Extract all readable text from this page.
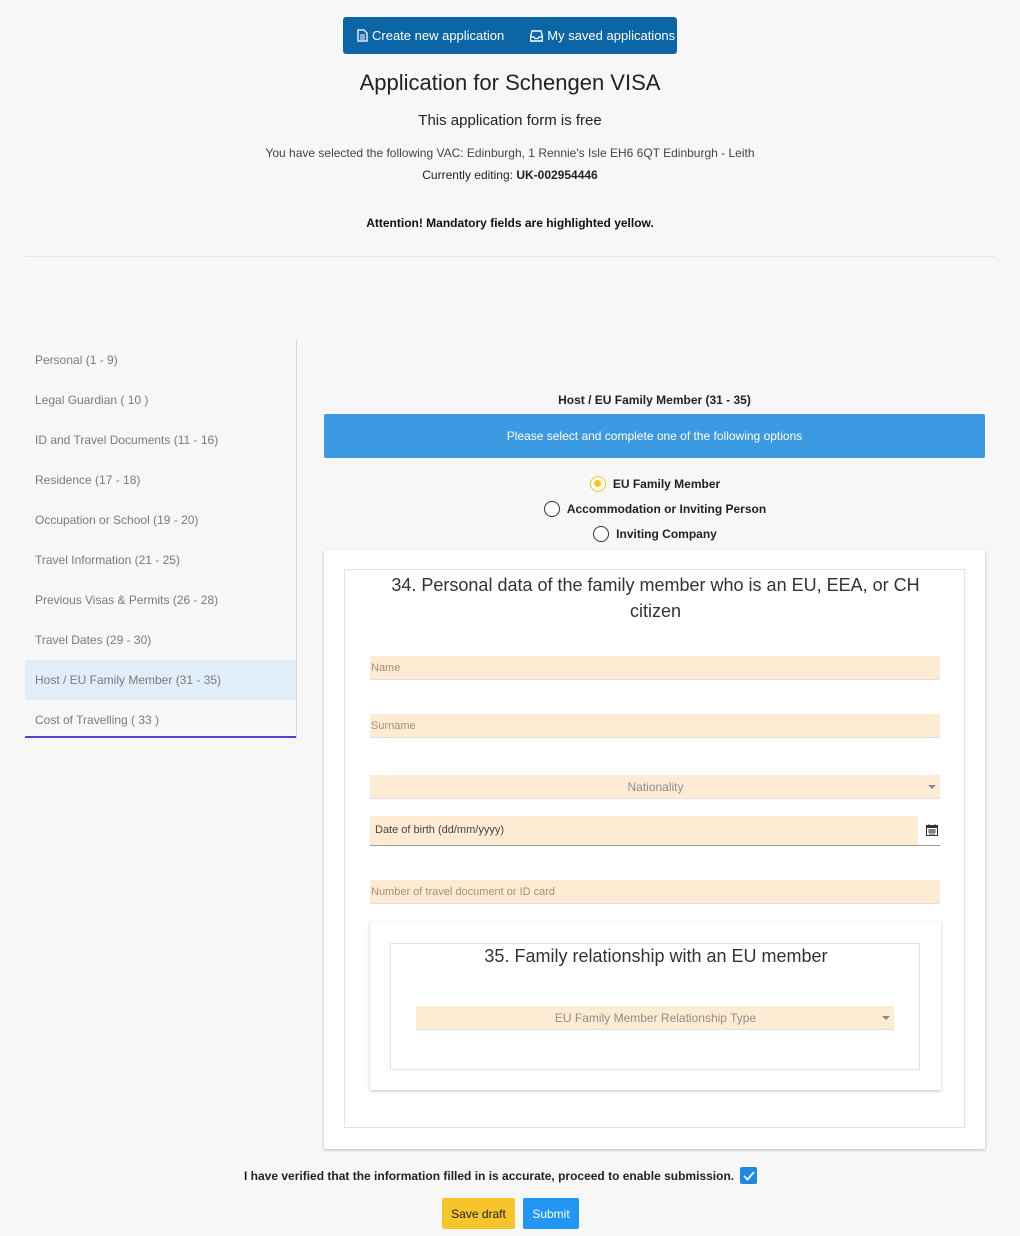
Create new application	My saved applications
Application for Schengen VISA
This application form is free
You have selected the following VAC: Edinburgh, 1 Rennie's Isle EH6 6QT Edinburgh - Leith
Currently editing: UK-002954446
Attention! Mandatory fields are highlighted yellow.
Personal (1 - 9)
Legal Guardian ( 10 )
ID and Travel Documents (11 - 16)
Residence (17 - 18)
Occupation or School (19 - 20)
Travel Information (21 - 25)
Previous Visas & Permits (26 - 28)
Travel Dates (29 - 30)
Host / EU Family Member (31 - 35)
Cost of Travelling ( 33 )
Host / EU Family Member (31 - 35)
Please select and complete one of the following options
EU Family Member
Accommodation or Inviting Person
Inviting Company
34. Personal data of the family member who is an EU, EEA, or CH
citizen
Name
Surname
Nationality
Date of birth (dd/mm/yyyy)
Number of travel document or ID card
35. Family relationship with an EU member
EU Family Member Relationship Type
I have verified that the information filled in is accurate, proceed to enable submission.
Save draft	Submit
